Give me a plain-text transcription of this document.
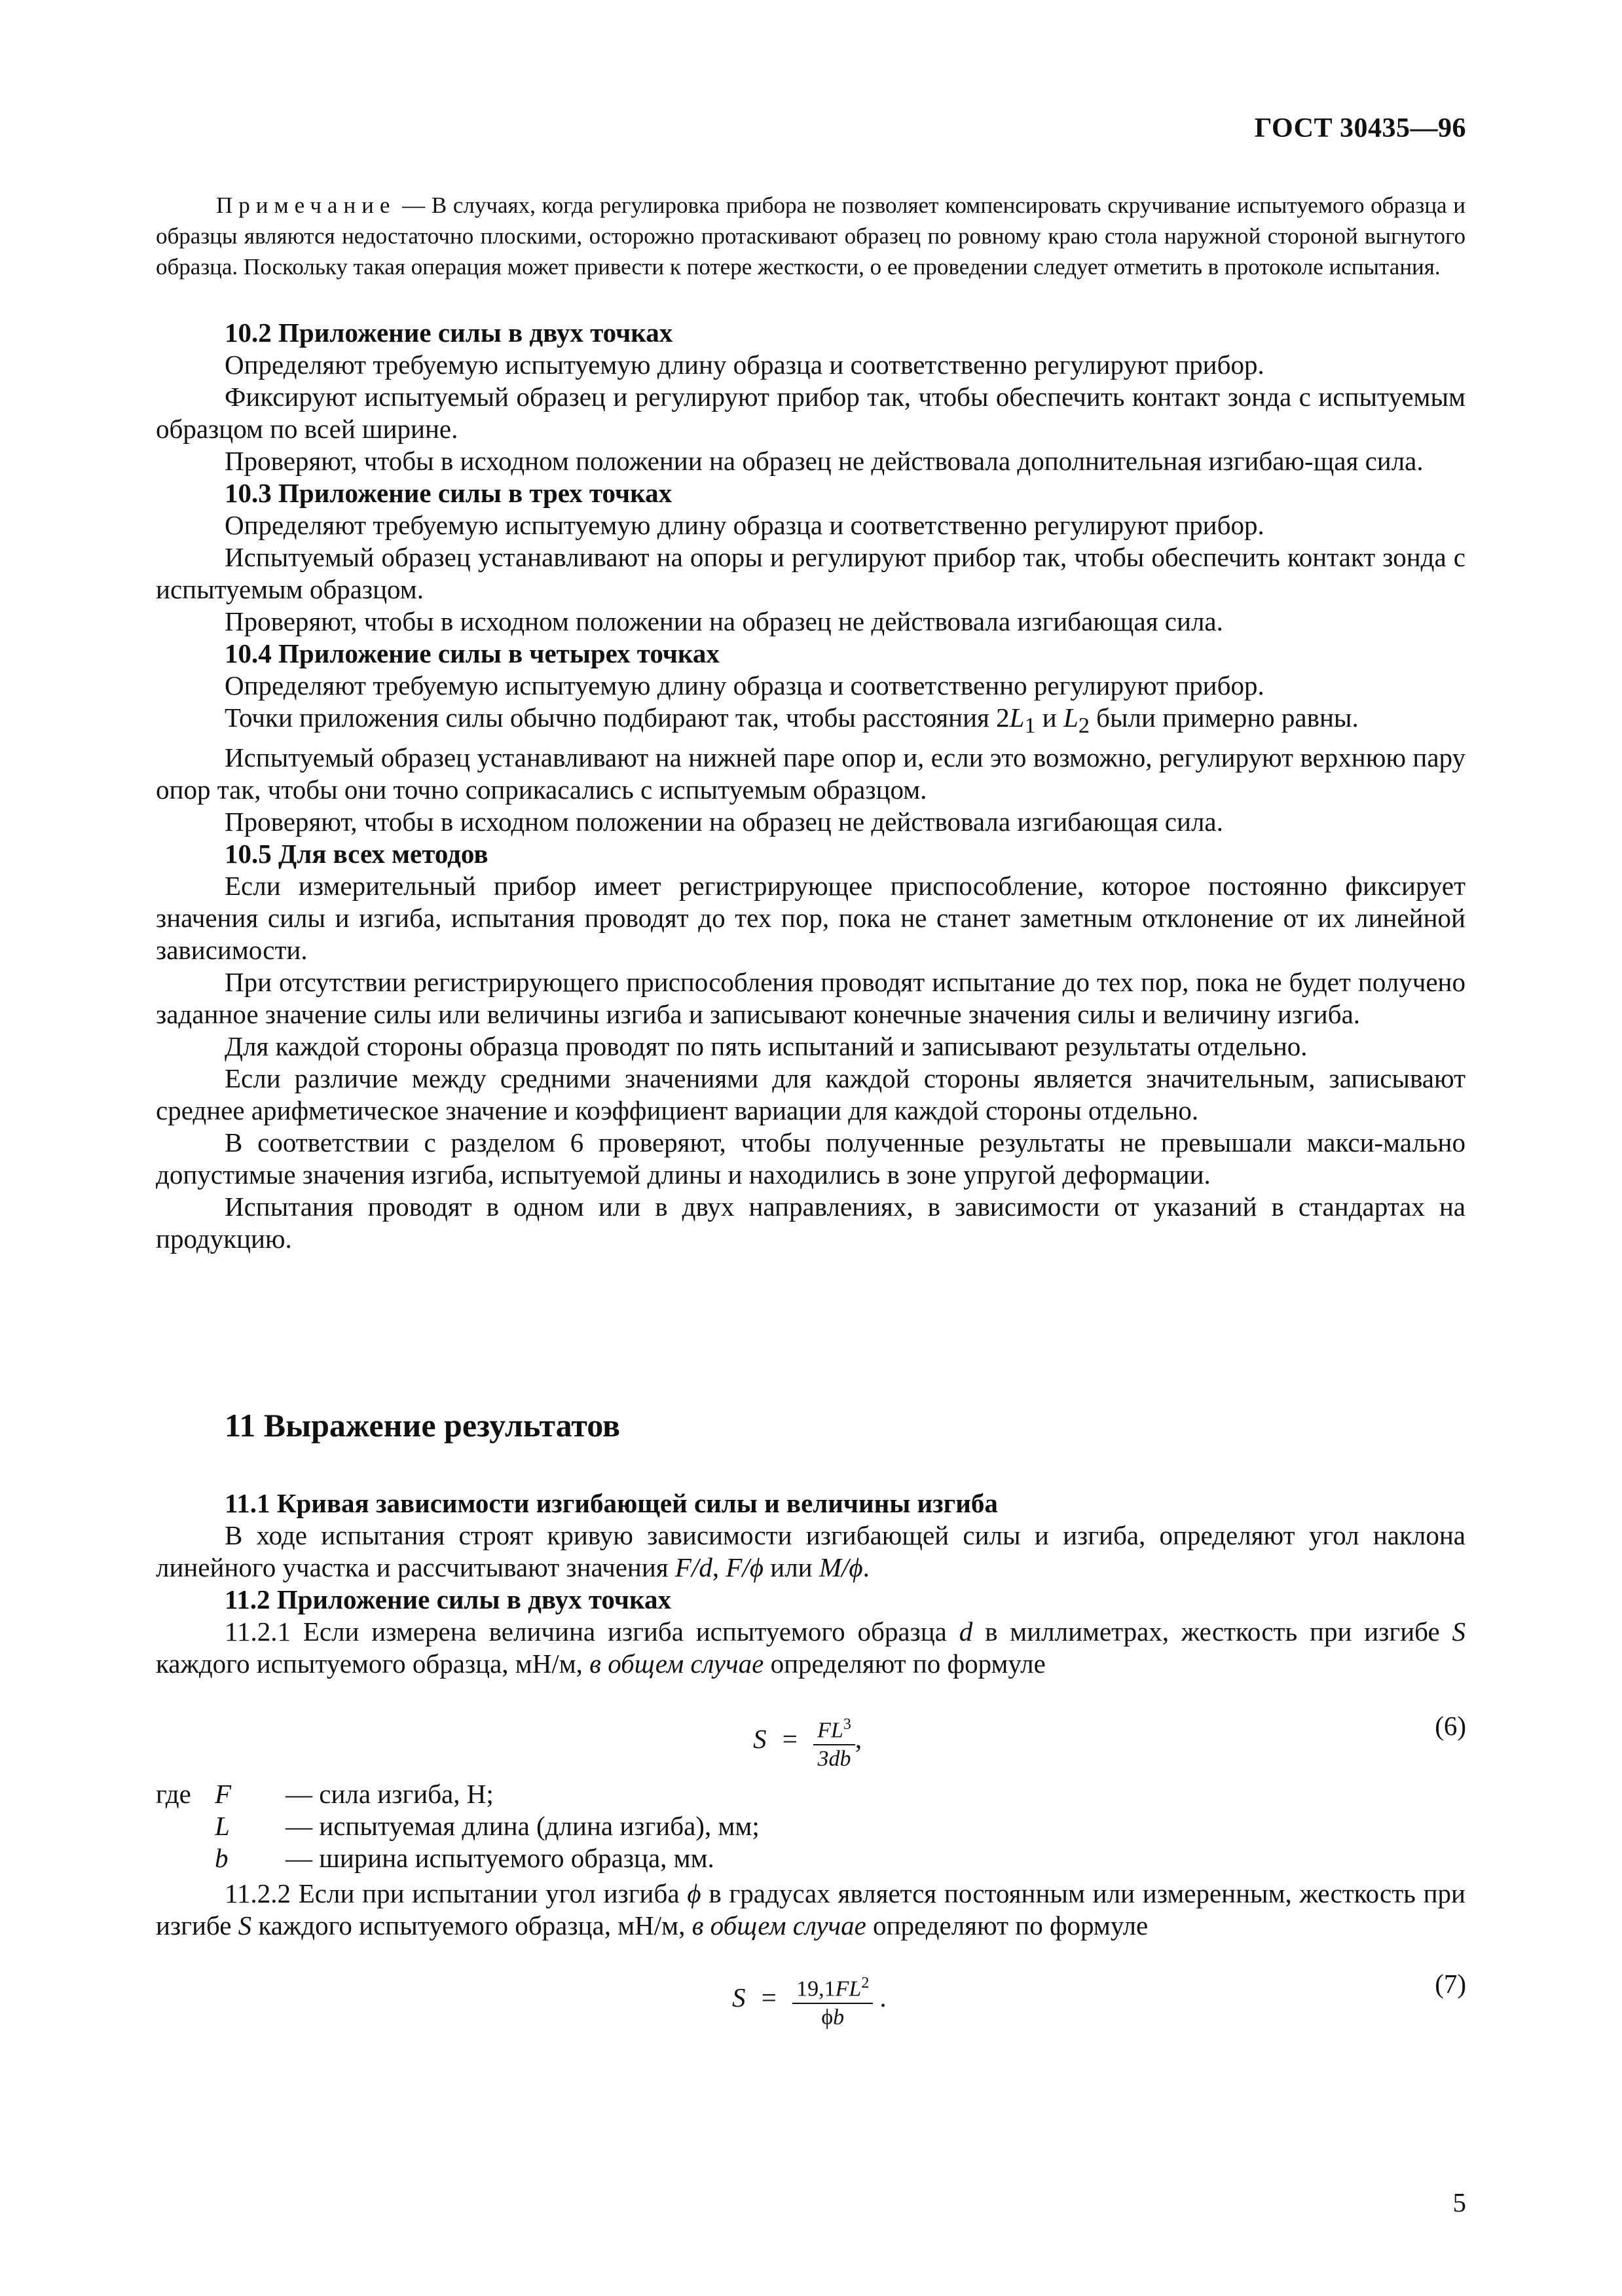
ГОСТ 30435—96
Примечание — В случаях, когда регулировка прибора не позволяет компенсировать скручивание испытуемого образца и образцы являются недостаточно плоскими, осторожно протаскивают образец по ровному краю стола наружной стороной выгнутого образца. Поскольку такая операция может привести к потере жесткости, о ее проведении следует отметить в протоколе испытания.

10.2 Приложение силы в двух точках

Определяют требуемую испытуемую длину образца и соответственно регулируют прибор.

Фиксируют испытуемый образец и регулируют прибор так, чтобы обеспечить контакт зонда с испытуемым образцом по всей ширине.

Проверяют, чтобы в исходном положении на образец не действовала дополнительная изгибаю-щая сила.

10.3 Приложение силы в трех точках

Определяют требуемую испытуемую длину образца и соответственно регулируют прибор.

Испытуемый образец устанавливают на опоры и регулируют прибор так, чтобы обеспечить контакт зонда с испытуемым образцом.

Проверяют, чтобы в исходном положении на образец не действовала изгибающая сила.

10.4 Приложение силы в четырех точках

Определяют требуемую испытуемую длину образца и соответственно регулируют прибор.

Точки приложения силы обычно подбирают так, чтобы расстояния $2L_1$ и $L_2$ были примерно равны.

Испытуемый образец устанавливают на нижней паре опор и, если это возможно, регулируют верхнюю пару опор так, чтобы они точно соприкасались с испытуемым образцом.

Проверяют, чтобы в исходном положении на образец не действовала изгибающая сила.

10.5 Для всех методов

Если измерительный прибор имеет регистрирующее приспособление, которое постоянно фиксирует значения силы и изгиба, испытания проводят до тех пор, пока не станет заметным отклонение от их линейной зависимости.

При отсутствии регистрирующего приспособления проводят испытание до тех пор, пока не будет получено заданное значение силы или величины изгиба и записывают конечные значения силы и величину изгиба.

Для каждой стороны образца проводят по пять испытаний и записывают результаты отдельно.

Если различие между средними значениями для каждой стороны является значительным, записывают среднее арифметическое значение и коэффициент вариации для каждой стороны отдельно.

В соответствии с разделом 6 проверяют, чтобы полученные результаты не превышали макси-мально допустимые значения изгиба, испытуемой длины и находились в зоне упругой деформации.

Испытания проводят в одном или в двух направлениях, в зависимости от указаний в стандартах на продукцию.

11 Выражение результатов

11.1 Кривая зависимости изгибающей силы и величины изгиба

В ходе испытания строят кривую зависимости изгибающей силы и изгиба, определяют угол наклона линейного участка и рассчитывают значения F/d, F/ϕ или M/ϕ.

11.2 Приложение силы в двух точках

11.2.1 Если измерена величина изгиба испытуемого образца d в миллиметрах, жесткость при изгибе S каждого испытуемого образца, мН/м, в общем случае определяют по формуле

$S = \frac{FL^3}{3db}$ ,	(6)
где F — сила изгиба, Н;
L — испытуемая длина (длина изгиба), мм;
b — ширина испытуемого образца, мм.

11.2.2 Если при испытании угол изгиба ϕ в градусах является постоянным или измеренным, жесткость при изгибе S каждого испытуемого образца, мН/м, в общем случае определяют по формуле

$S = \frac{19,1FL^2}{\phi b}$ .	(7)
5
